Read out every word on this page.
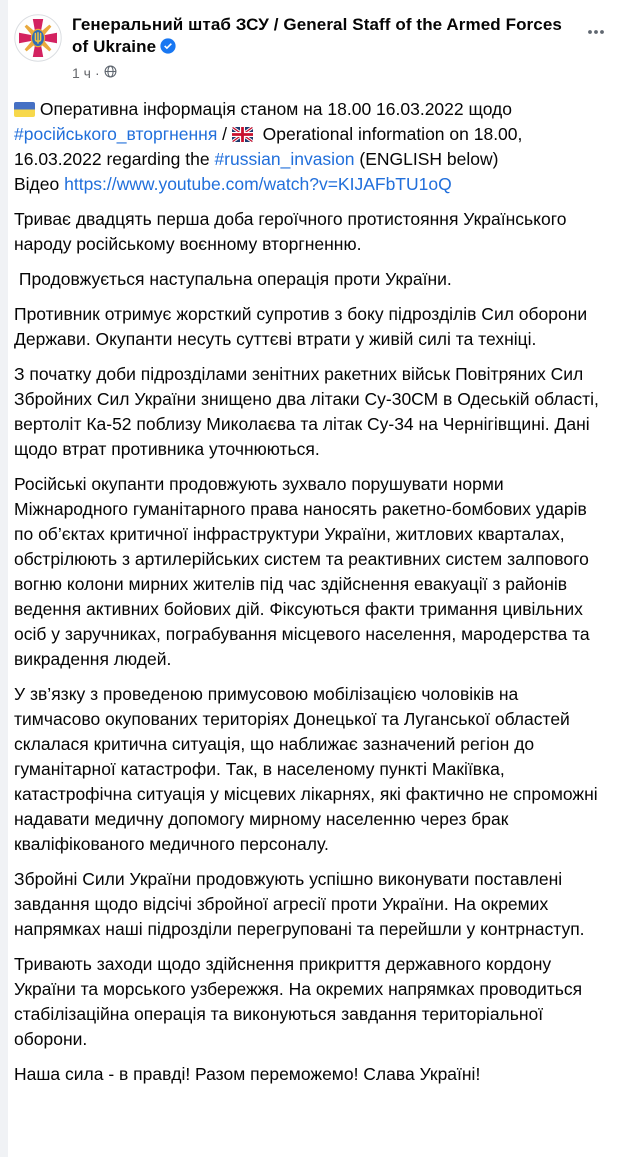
Генеральний штаб ЗСУ / General Staff of the Armed Forces of Ukraine
1 ч ·
Оперативна інформація станом на 18.00 16.03.2022 щодо #російського_вторгнення /
Operational information on 18.00, 16.03.2022 regarding the #russian_invasion (ENGLISH below)
Відео https://www.youtube.com/watch?v=KIJAFbTU1oQ
Триває двадцять перша доба героїчного протистояння Українського народу російському воєнному вторгненню.
Продовжується наступальна операція проти України.
Противник отримує жорсткий супротив з боку підрозділів Сил оборони Держави. Окупанти несуть суттєві втрати у живій силі та техніці.
З початку доби підрозділами зенітних ракетних військ Повітряних Сил Збройних Сил України знищено два літаки Су-30СМ в Одеській області,  вертоліт Ка-52 поблизу Миколаєва та літак Су-34 на Чернігівщині. Дані щодо втрат противника уточнюються.
Російські окупанти продовжують зухвало порушувати норми Міжнародного гуманітарного права наносять ракетно-бомбових ударів по об’єктах критичної інфраструктури України, житлових кварталах, обстрілюють з артилерійських систем та реактивних систем залпового вогню колони мирних жителів під час здійснення евакуації з районів ведення активних бойових дій. Фіксуються факти тримання цивільних осіб у заручниках, пограбування місцевого населення, мародерства та викрадення людей.
У зв’язку з проведеною примусовою мобілізацією чоловіків на тимчасово окупованих територіях Донецької та Луганської областей склалася критична ситуація, що наближає зазначений регіон до гуманітарної катастрофи. Так, в населеному пункті Макіївка, катастрофічна ситуація у місцевих лікарнях, які фактично не спроможні надавати медичну допомогу мирному населенню через брак кваліфікованого медичного персоналу.
Збройні Сили України продовжують успішно виконувати поставлені завдання щодо відсічі збройної агресії проти України. На окремих напрямках наші підрозділи перегруповані та перейшли у контрнаступ.
Тривають заходи щодо здійснення прикриття державного кордону України та морського узбережжя. На окремих напрямках проводиться стабілізаційна операція та виконуються завдання територіальної оборони.
Наша сила - в правді! Разом переможемо! Слава Україні!
